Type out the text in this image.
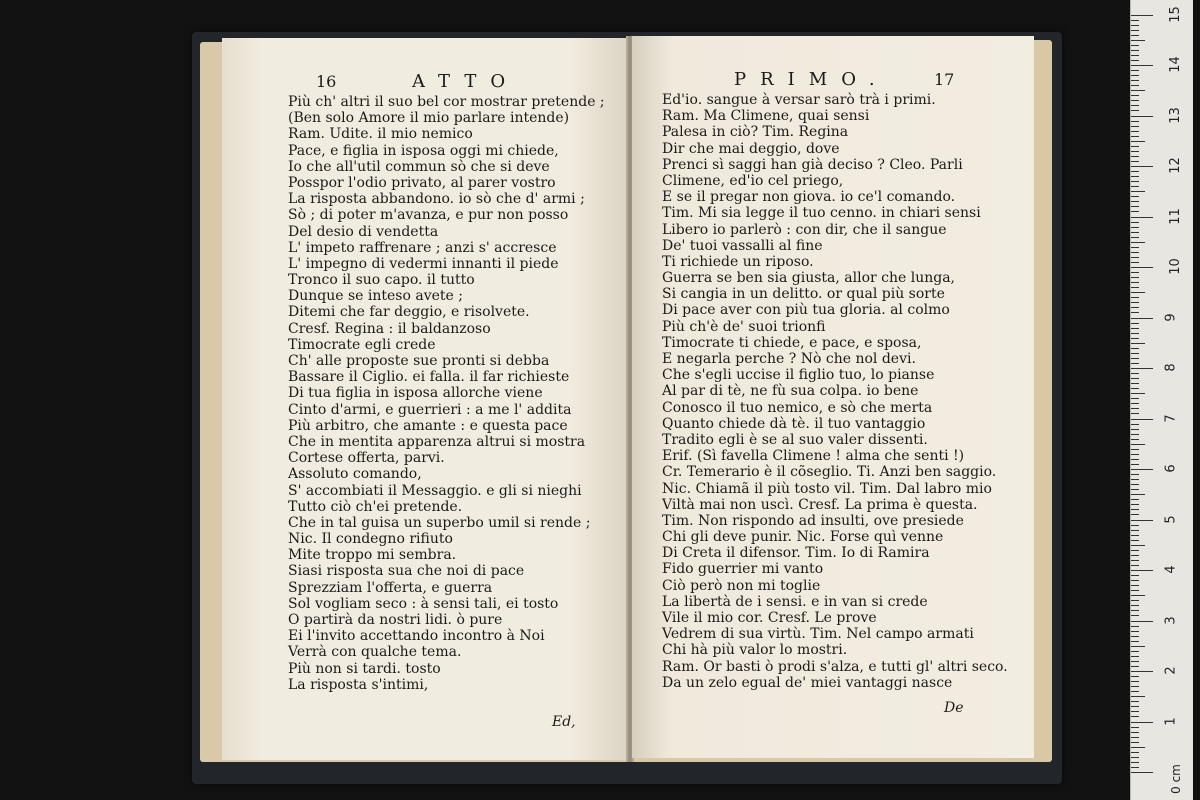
16	ATTO
Più ch' altri il suo bel cor mostrar pretende ;
(Ben solo Amore il mio parlare intende)
Ram. Udite. il mio nemico
Pace, e figlia in isposa oggi mi chiede,
Io che all'util commun sò che si deve
Posspor l'odio privato, al parer vostro
La risposta abbandono. io sò che d' armi ;
Sò ; di poter m'avanza, e pur non posso
Del desio di vendetta
L' impeto raffrenare ; anzi s' accresce
L' impegno di vedermi innanti il piede
Tronco il suo capo. il tutto
Dunque se inteso avete ;
Ditemi che far deggio, e risolvete.
Cresf. Regina : il baldanzoso
Timocrate egli crede
Ch' alle proposte sue pronti si debba
Bassare il Ciglio. ei falla. il far richieste
Di tua figlia in isposa allorche viene
Cinto d'armi, e guerrieri : a me l' addita
Più arbitro, che amante : e questa pace
Che in mentita apparenza altrui si mostra
Cortese offerta, parvi.
Assoluto comando,
S' accombiati il Messaggio. e gli si nieghi
Tutto ciò ch'ei pretende.
Che in tal guisa un superbo umil si rende ;
Nic. Il condegno rifiuto
Mite troppo mi sembra.
Siasi risposta sua che noi di pace
Sprezziam l'offerta, e guerra
Sol vogliam seco : à sensi tali, ei tosto
O partirà da nostri lidi. ò pure
Ei l'invito accettando incontro à Noi
Verrà con qualche tema.
Più non si tardi. tosto
La risposta s'intimi,
Ed,
PRIMO.	17
Ed'io. sangue à versar sarò trà i primi.
Ram. Ma Climene, quai sensi
Palesa in ciò? Tim. Regina
Dir che mai deggio, dove
Prenci sì saggi han già deciso ? Cleo. Parli
Climene, ed'io cel priego,
E se il pregar non giova. io ce'l comando.
Tim. Mi sia legge il tuo cenno. in chiari sensi
Libero io parlerò : con dir, che il sangue
De' tuoi vassalli al fine
Ti richiede un riposo.
Guerra se ben sia giusta, allor che lunga,
Si cangia in un delitto. or qual più sorte
Di pace aver con più tua gloria. al colmo
Più ch'è de' suoi trionfi
Timocrate ti chiede, e pace, e sposa,
E negarla perche ? Nò che nol devi.
Che s'egli uccise il figlio tuo, lo pianse
Al par di tè, ne fù sua colpa. io bene
Conosco il tuo nemico, e sò che merta
Quanto chiede dà tè. il tuo vantaggio
Tradito egli è se al suo valer dissenti.
Erif. (Sì favella Climene ! alma che senti !)
Cr. Temerario è il cõseglio. Ti. Anzi ben saggio.
Nic. Chiamã il più tosto vil. Tim. Dal labro mio
Viltà mai non uscì. Cresf. La prima è questa.
Tim. Non rispondo ad insulti, ove presiede
Chi gli deve punir. Nic. Forse quì venne
Di Creta il difensor. Tim. Io di Ramira
Fido guerrier mi vanto
Ciò però non mi toglie
La libertà de i sensi. e in van si crede
Vile il mio cor. Cresf. Le prove
Vedrem di sua virtù. Tim. Nel campo armati
Chi hà più valor lo mostri.
Ram. Or basti ò prodi s'alza, e tutti gl' altri seco.
Da un zelo egual de' miei vantaggi nasce
De
0 cm
1
2
3
4
5
6
7
8
9
10
11
12
13
14
15
